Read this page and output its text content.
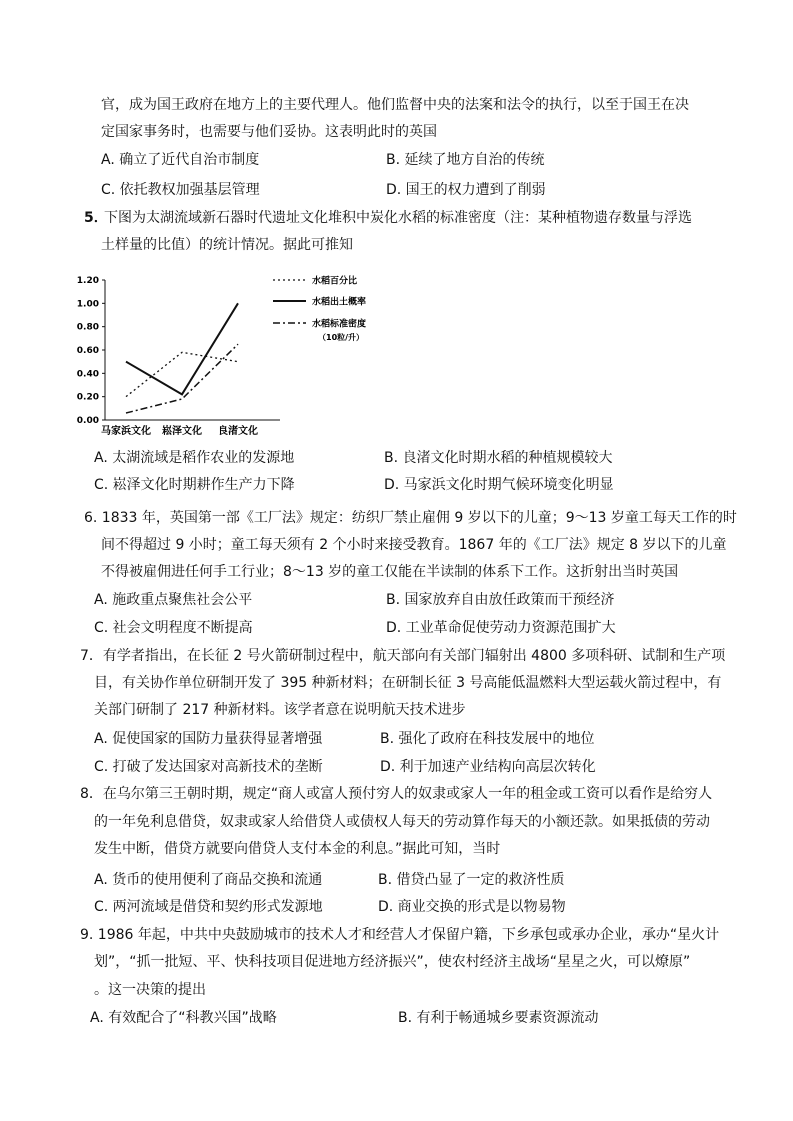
官，成为国王政府在地方上的主要代理人。他们监督中央的法案和法令的执行，以至于国王在决
定国家事务时，也需要与他们妥协。这表明此时的英国
A. 确立了近代自治市制度	B. 延续了地方自治的传统
C. 依托教权加强基层管理	D. 国王的权力遭到了削弱
5．
下图为太湖流域新石器时代遗址文化堆积中炭化水稻的标准密度（注：某种植物遗存数量与浮选
土样量的比值）的统计情况。据此可推知
1.20
1.00
0.80
0.60
0.40
0.20
0.00
马家浜文化 崧泽文化 良渚文化
水稻百分比
水稻出土概率
水稻标准密度
（10粒/升）
A. 太湖流域是稻作农业的发源地	B. 良渚文化时期水稻的种植规模较大
C. 崧泽文化时期耕作生产力下降	D. 马家浜文化时期气候环境变化明显
6. 1833 年，英国第一部《工厂法》规定：纺织厂禁止雇佣 9 岁以下的儿童；9～13 岁童工每天工作的时
间不得超过 9 小时；童工每天须有 2 个小时来接受教育。1867 年的《工厂法》规定 8 岁以下的儿童
不得被雇佣进任何手工行业；8～13 岁的童工仅能在半读制的体系下工作。这折射出当时英国
A. 施政重点聚焦社会公平	B. 国家放弃自由放任政策而干预经济
C. 社会文明程度不断提高	D. 工业革命促使劳动力资源范围扩大
7．有学者指出，在长征 2 号火箭研制过程中，航天部向有关部门辐射出 4800 多项科研、试制和生产项
目，有关协作单位研制开发了 395 种新材料；在研制长征 3 号高能低温燃料大型运载火箭过程中，有
关部门研制了 217 种新材料。该学者意在说明航天技术进步
A. 促使国家的国防力量获得显著增强	B. 强化了政府在科技发展中的地位
C. 打破了发达国家对高新技术的垄断	D. 利于加速产业结构向高层次转化
8．在乌尔第三王朝时期，规定“商人或富人预付穷人的奴隶或家人一年的租金或工资可以看作是给穷人
的一年免利息借贷，奴隶或家人给借贷人或债权人每天的劳动算作每天的小额还款。如果抵债的劳动
发生中断，借贷方就要向借贷人支付本金的利息。”据此可知，当时
A. 货币的使用便利了商品交换和流通	B. 借贷凸显了一定的救济性质
C. 两河流域是借贷和契约形式发源地	D. 商业交换的形式是以物易物
9. 1986 年起，中共中央鼓励城市的技术人才和经营人才保留户籍，下乡承包或承办企业，承办“星火计
划”，“抓一批短、平、快科技项目促进地方经济振兴”，使农村经济主战场“星星之火，可以燎原”
。这一决策的提出
A. 有效配合了“科教兴国”战略	B. 有利于畅通城乡要素资源流动
